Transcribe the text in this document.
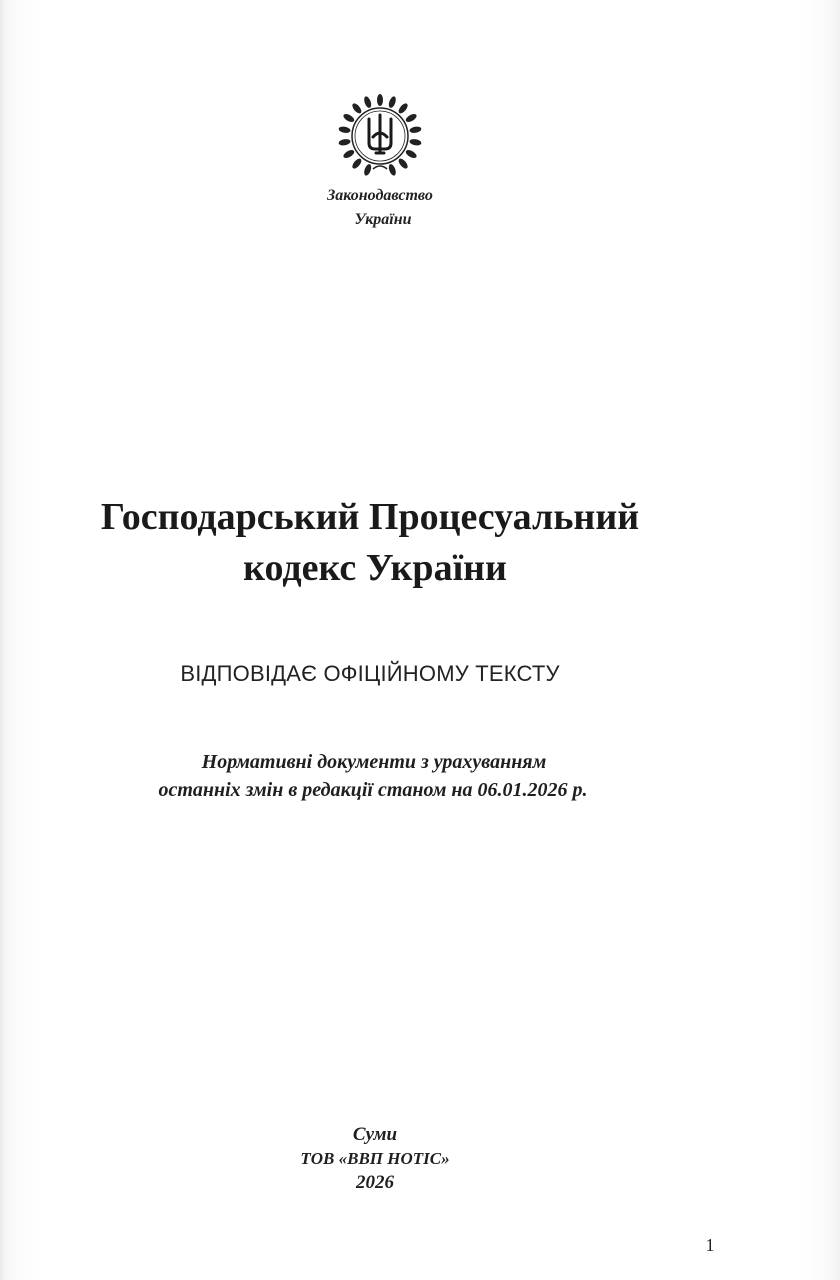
Законодавство
України
Господарський Процесуальний
кодекс України
ВІДПОВІДАЄ ОФІЦІЙНОМУ ТЕКСТУ
Нормативні документи з урахуванням
останніх змін в редакції станом на 06.01.2026 р.
Суми
ТОВ «ВВП НОТІС»
2026
1
